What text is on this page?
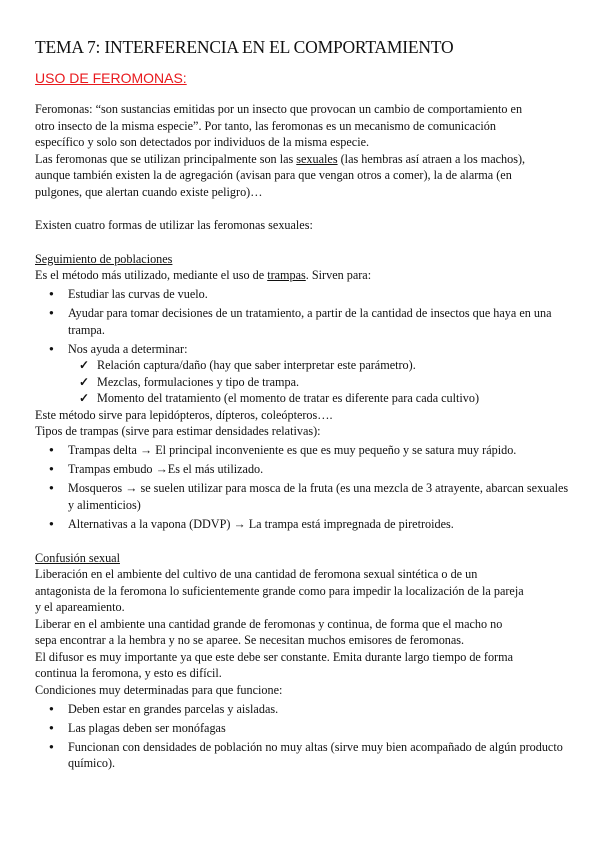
TEMA 7: INTERFERENCIA EN EL COMPORTAMIENTO
USO DE FEROMONAS:

Feromonas: “son sustancias emitidas por un insecto que provocan un cambio de comportamiento en

otro insecto de la misma especie”. Por tanto, las feromonas es un mecanismo de comunicación

específico y solo son detectados por individuos de la misma especie.

Las feromonas que se utilizan principalmente son las sexuales (las hembras así atraen a los machos),

aunque también existen la de agregación (avisan para que vengan otros a comer), la de alarma (en

pulgones, que alertan cuando existe peligro)…

Existen cuatro formas de utilizar las feromonas sexuales:

Seguimiento de poblaciones

Es el método más utilizado, mediante el uso de trampas. Sirven para:

● Estudiar las curvas de vuelo.
● Ayudar para tomar decisiones de un tratamiento, a partir de la cantidad de insectos que haya en una trampa.
● Nos ayuda a determinar:
✓ Relación captura/daño (hay que saber interpretar este parámetro).
✓ Mezclas, formulaciones y tipo de trampa.
✓ Momento del tratamiento (el momento de tratar es diferente para cada cultivo)

Este método sirve para lepidópteros, dípteros, coleópteros….

Tipos de trampas (sirve para estimar densidades relativas):

● Trampas delta → El principal inconveniente es que es muy pequeño y se satura muy rápido.
● Trampas embudo →Es el más utilizado.
● Mosqueros → se suelen utilizar para mosca de la fruta (es una mezcla de 3 atrayente, abarcan sexuales y alimenticios)
● Alternativas a la vapona (DDVP) → La trampa está impregnada de piretroides.
Confusión sexual

Liberación en el ambiente del cultivo de una cantidad de feromona sexual sintética o de un

antagonista de la feromona lo suficientemente grande como para impedir la localización de la pareja

y el apareamiento.

Liberar en el ambiente una cantidad grande de feromonas y continua, de forma que el macho no

sepa encontrar a la hembra y no se aparee. Se necesitan muchos emisores de feromonas.

El difusor es muy importante ya que este debe ser constante. Emita durante largo tiempo de forma

continua la feromona, y esto es difícil.

Condiciones muy determinadas para que funcione:

● Deben estar en grandes parcelas y aisladas.
● Las plagas deben ser monófagas
● Funcionan con densidades de población no muy altas (sirve muy bien acompañado de algún producto químico).
